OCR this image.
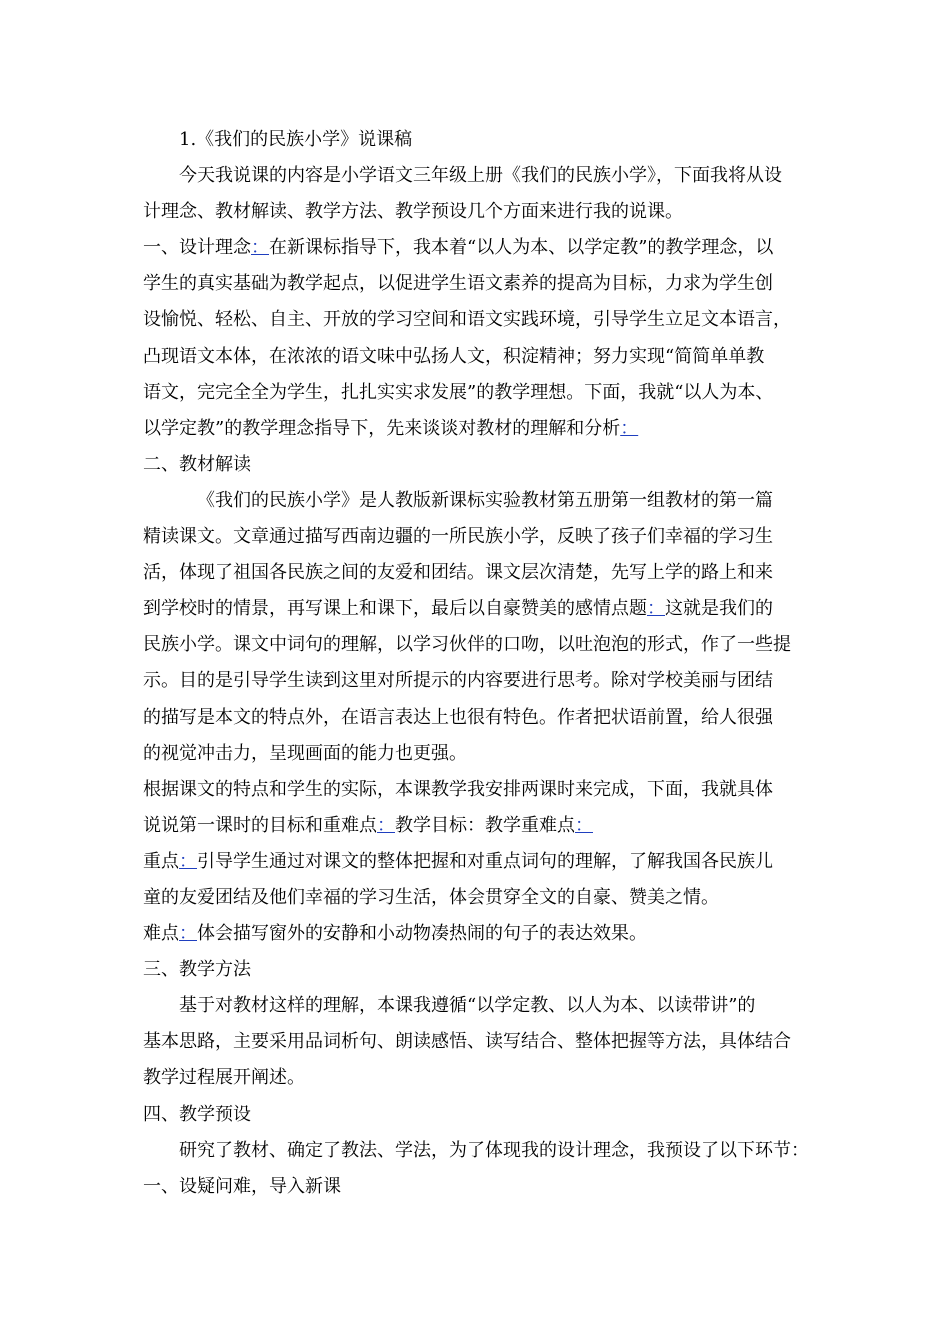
1.《我们的民族小学》说课稿
今天我说课的内容是小学语文三年级上册《我们的民族小学》，下面我将从设
计理念、教材解读、教学方法、教学预设几个方面来进行我的说课。
一、设计理念：在新课标指导下，我本着“以人为本、以学定教”的教学理念，以
学生的真实基础为教学起点，以促进学生语文素养的提高为目标，力求为学生创
设愉悦、轻松、自主、开放的学习空间和语文实践环境，引导学生立足文本语言，
凸现语文本体，在浓浓的语文味中弘扬人文，积淀精神；努力实现“简简单单教
语文，完完全全为学生，扎扎实实求发展”的教学理想。下面，我就“以人为本、
以学定教”的教学理念指导下，先来谈谈对教材的理解和分析：
二、教材解读
《我们的民族小学》是人教版新课标实验教材第五册第一组教材的第一篇
精读课文。文章通过描写西南边疆的一所民族小学，反映了孩子们幸福的学习生
活，体现了祖国各民族之间的友爱和团结。课文层次清楚，先写上学的路上和来
到学校时的情景，再写课上和课下，最后以自豪赞美的感情点题：这就是我们的
民族小学。课文中词句的理解，以学习伙伴的口吻，以吐泡泡的形式，作了一些提
示。目的是引导学生读到这里对所提示的内容要进行思考。除对学校美丽与团结
的描写是本文的特点外，在语言表达上也很有特色。作者把状语前置，给人很强
的视觉冲击力，呈现画面的能力也更强。
根据课文的特点和学生的实际，本课教学我安排两课时来完成，下面，我就具体
说说第一课时的目标和重难点：教学目标：教学重难点：
重点：引导学生通过对课文的整体把握和对重点词句的理解，了解我国各民族儿
童的友爱团结及他们幸福的学习生活，体会贯穿全文的自豪、赞美之情。
难点：体会描写窗外的安静和小动物凑热闹的句子的表达效果。
三、教学方法
基于对教材这样的理解，本课我遵循“以学定教、以人为本、以读带讲”的
基本思路，主要采用品词析句、朗读感悟、读写结合、整体把握等方法，具体结合
教学过程展开阐述。
四、教学预设
研究了教材、确定了教法、学法，为了体现我的设计理念，我预设了以下环节：
一、设疑问难，导入新课
